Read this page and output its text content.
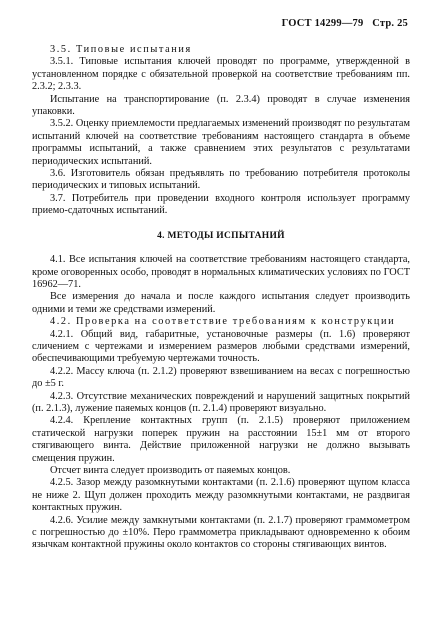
ГОСТ 14299—79 Стр. 25

3.5. Типовые испытания

3.5.1. Типовые испытания ключей проводят по программе, утвержденной в установленном порядке с обязательной проверкой на соответствие требованиям пп. 2.3.2; 2.3.3.

Испытание на транспортирование (п. 2.3.4) проводят в случае изменения упаковки.

3.5.2. Оценку приемлемости предлагаемых изменений производят по результатам испытаний ключей на соответствие требованиям настоящего стандарта в объеме программы испытаний, а также сравнением этих результатов с результатами периодических испытаний.

3.6. Изготовитель обязан предъявлять по требованию потребителя протоколы периодических и типовых испытаний.

3.7. Потребитель при проведении входного контроля использует программу приемо-сдаточных испытаний.

4. МЕТОДЫ ИСПЫТАНИЙ

4.1. Все испытания ключей на соответствие требованиям настоящего стандарта, кроме оговоренных особо, проводят в нормальных климатических условиях по ГОСТ 16962—71.

Все измерения до начала и после каждого испытания следует производить одними и теми же средствами измерений.

4.2. Проверка на соответствие требованиям к конструкции

4.2.1. Общий вид, габаритные, установочные размеры (п. 1.6) проверяют сличением с чертежами и измерением размеров любыми средствами измерений, обеспечивающими требуемую чертежами точность.

4.2.2. Массу ключа (п. 2.1.2) проверяют взвешиванием на весах с погрешностью до ±5 г.

4.2.3. Отсутствие механических повреждений и нарушений защитных покрытий (п. 2.1.3), лужение паяемых концов (п. 2.1.4) проверяют визуально.

4.2.4. Крепление контактных групп (п. 2.1.5) проверяют приложением статической нагрузки поперек пружин на расстоянии 15±1 мм от второго стягивающего винта. Действие приложенной нагрузки не должно вызывать смещения пружин.

Отсчет винта следует производить от паяемых концов.

4.2.5. Зазор между разомкнутыми контактами (п. 2.1.6) проверяют щупом класса не ниже 2. Щуп должен проходить между разомкнутыми контактами, не раздвигая контактных пружин.

4.2.6. Усилие между замкнутыми контактами (п. 2.1.7) проверяют граммометром с погрешностью до ±10%. Перо граммометра прикладывают одновременно к обоим язычкам контактной пружины около контактов со стороны стягивающих винтов.
